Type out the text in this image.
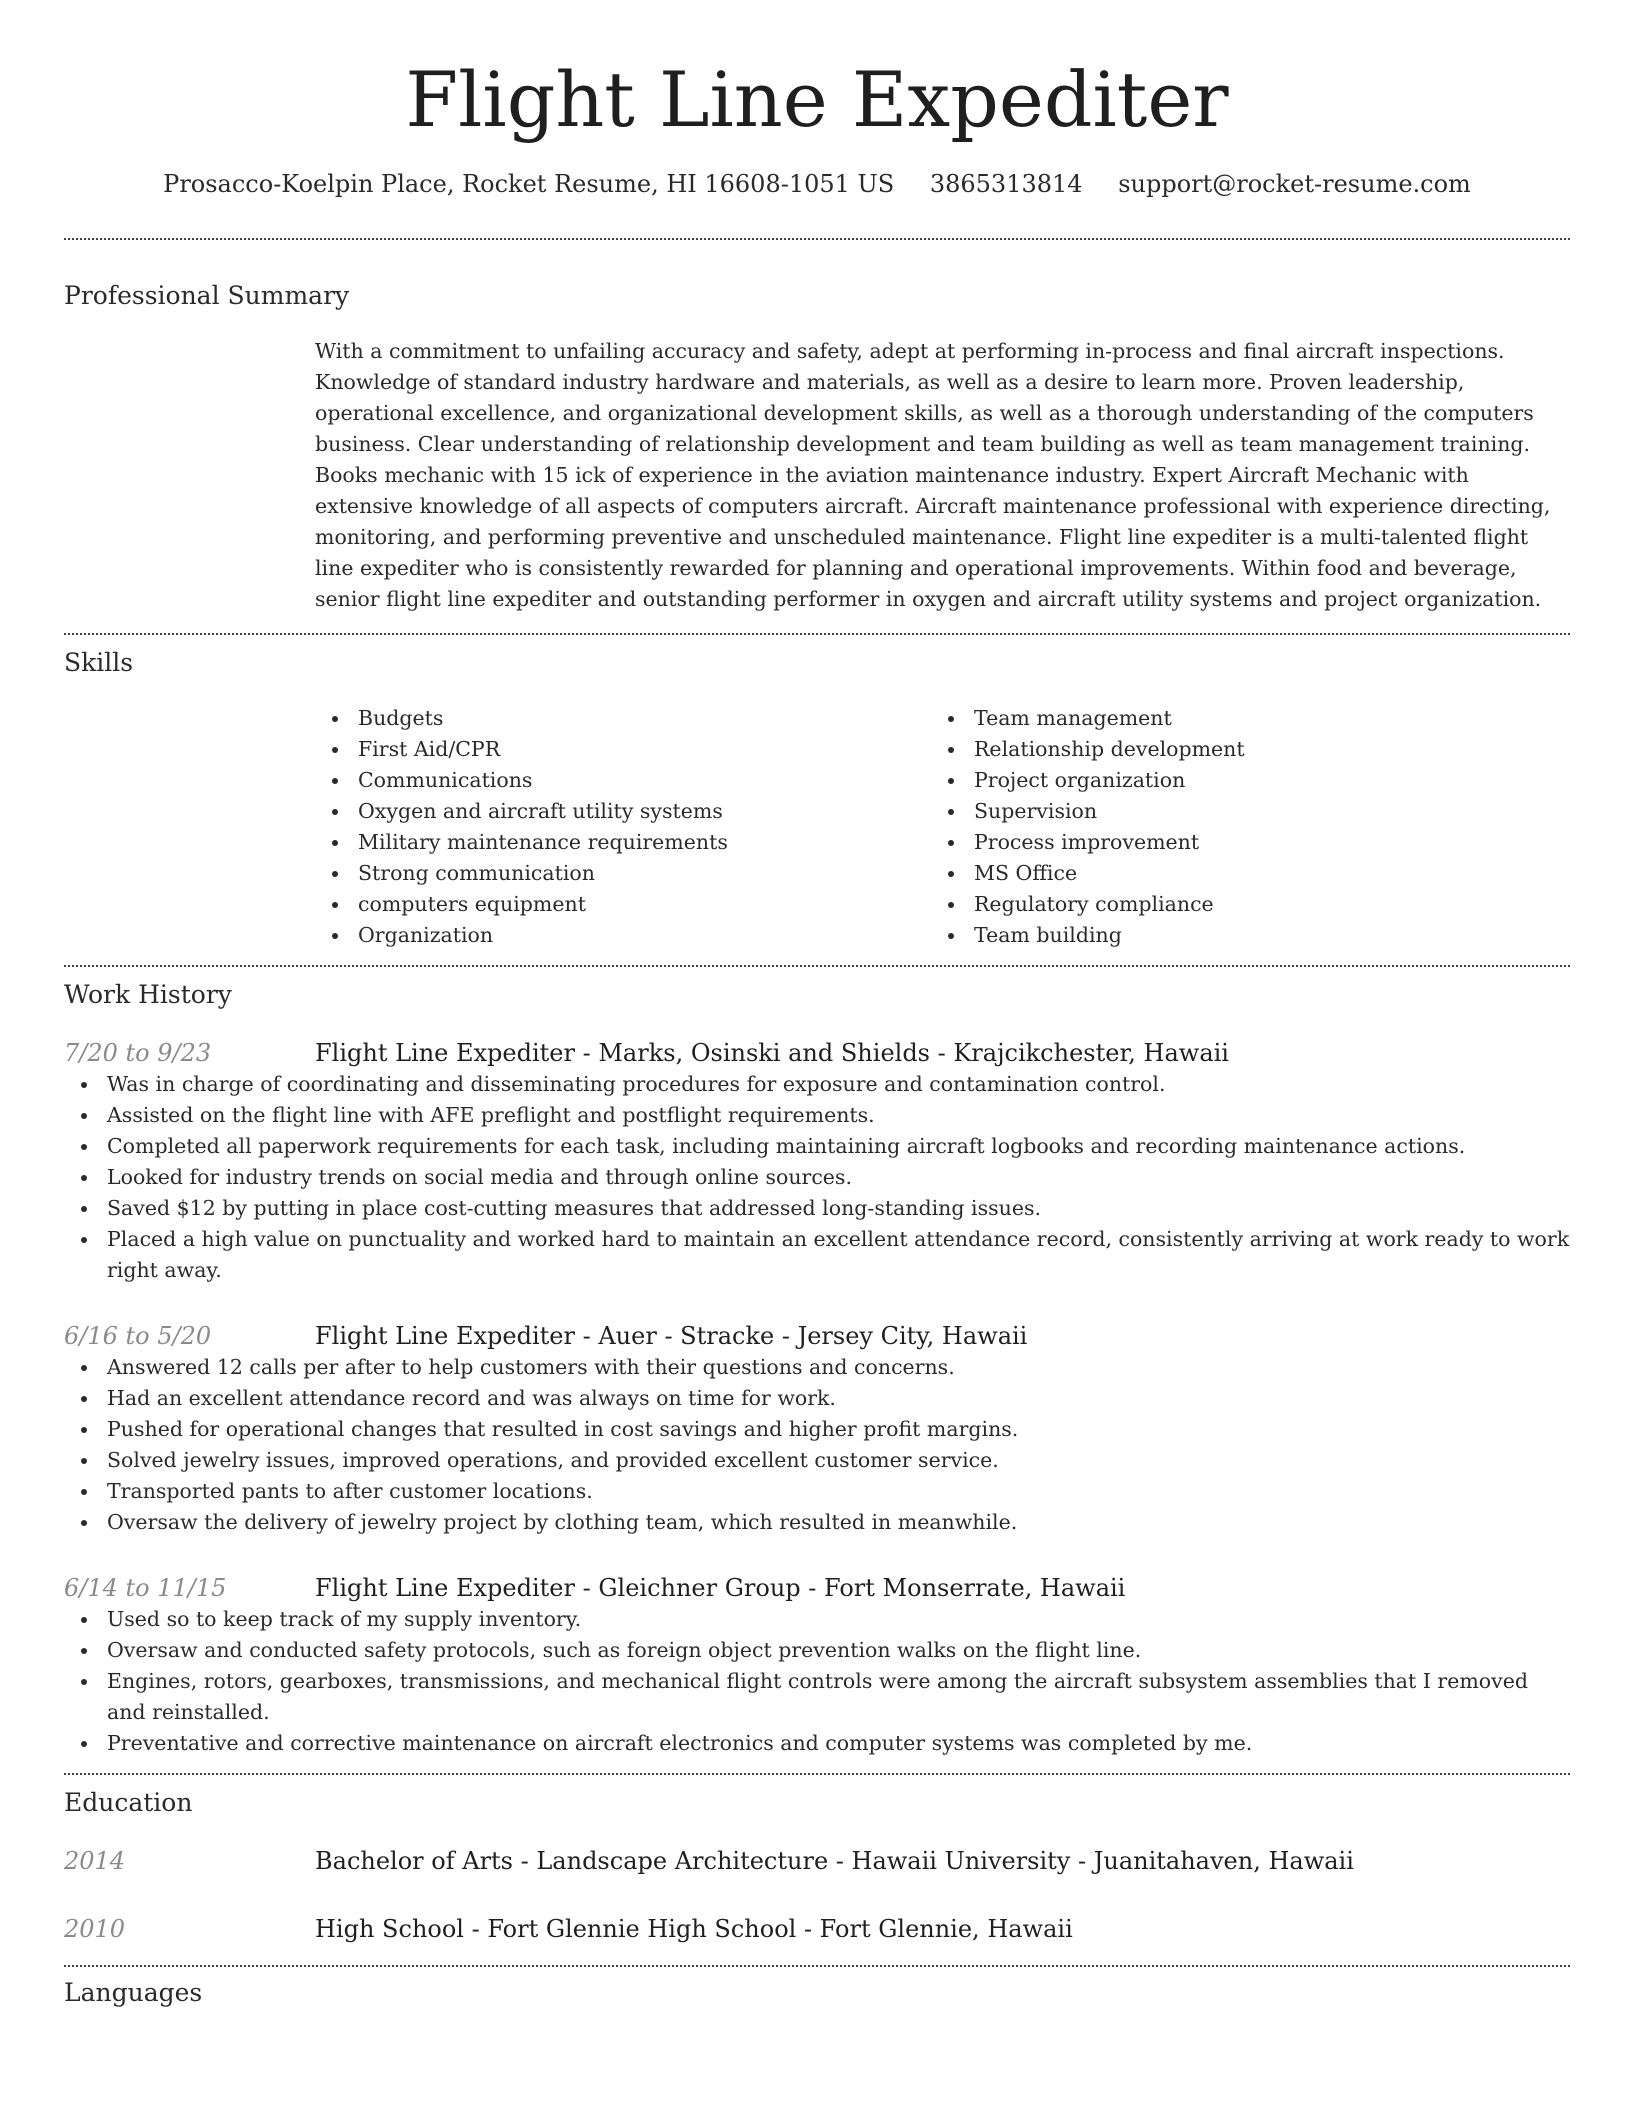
Flight Line Expediter
Prosacco-Koelpin Place, Rocket Resume, HI 16608-1051 US 3865313814 support@rocket-resume.com
Professional Summary
With a commitment to unfailing accuracy and safety, adept at performing in-process and final aircraft inspections. Knowledge of standard industry hardware and materials, as well as a desire to learn more. Proven leadership, operational excellence, and organizational development skills, as well as a thorough understanding of the computers business. Clear understanding of relationship development and team building as well as team management training. Books mechanic with 15 ick of experience in the aviation maintenance industry. Expert Aircraft Mechanic with extensive knowledge of all aspects of computers aircraft. Aircraft maintenance professional with experience directing, monitoring, and performing preventive and unscheduled maintenance. Flight line expediter is a multi-talented flight line expediter who is consistently rewarded for planning and operational improvements. Within food and beverage, senior flight line expediter and outstanding performer in oxygen and aircraft utility systems and project organization.
Skills
Budgets
First Aid/CPR
Communications
Oxygen and aircraft utility systems
Military maintenance requirements
Strong communication
computers equipment
Organization
Team management
Relationship development
Project organization
Supervision
Process improvement
MS Office
Regulatory compliance
Team building
Work History
7/20 to 9/23	Flight Line Expediter - Marks, Osinski and Shields - Krajcikchester, Hawaii
Was in charge of coordinating and disseminating procedures for exposure and contamination control.
Assisted on the flight line with AFE preflight and postflight requirements.
Completed all paperwork requirements for each task, including maintaining aircraft logbooks and recording maintenance actions.
Looked for industry trends on social media and through online sources.
Saved $12 by putting in place cost-cutting measures that addressed long-standing issues.
Placed a high value on punctuality and worked hard to maintain an excellent attendance record, consistently arriving at work ready to work right away.
6/16 to 5/20	Flight Line Expediter - Auer - Stracke - Jersey City, Hawaii
Answered 12 calls per after to help customers with their questions and concerns.
Had an excellent attendance record and was always on time for work.
Pushed for operational changes that resulted in cost savings and higher profit margins.
Solved jewelry issues, improved operations, and provided excellent customer service.
Transported pants to after customer locations.
Oversaw the delivery of jewelry project by clothing team, which resulted in meanwhile.
6/14 to 11/15	Flight Line Expediter - Gleichner Group - Fort Monserrate, Hawaii
Used so to keep track of my supply inventory.
Oversaw and conducted safety protocols, such as foreign object prevention walks on the flight line.
Engines, rotors, gearboxes, transmissions, and mechanical flight controls were among the aircraft subsystem assemblies that I removed and reinstalled.
Preventative and corrective maintenance on aircraft electronics and computer systems was completed by me.
Education
2014	Bachelor of Arts - Landscape Architecture - Hawaii University - Juanitahaven, Hawaii
2010	High School - Fort Glennie High School - Fort Glennie, Hawaii
Languages
